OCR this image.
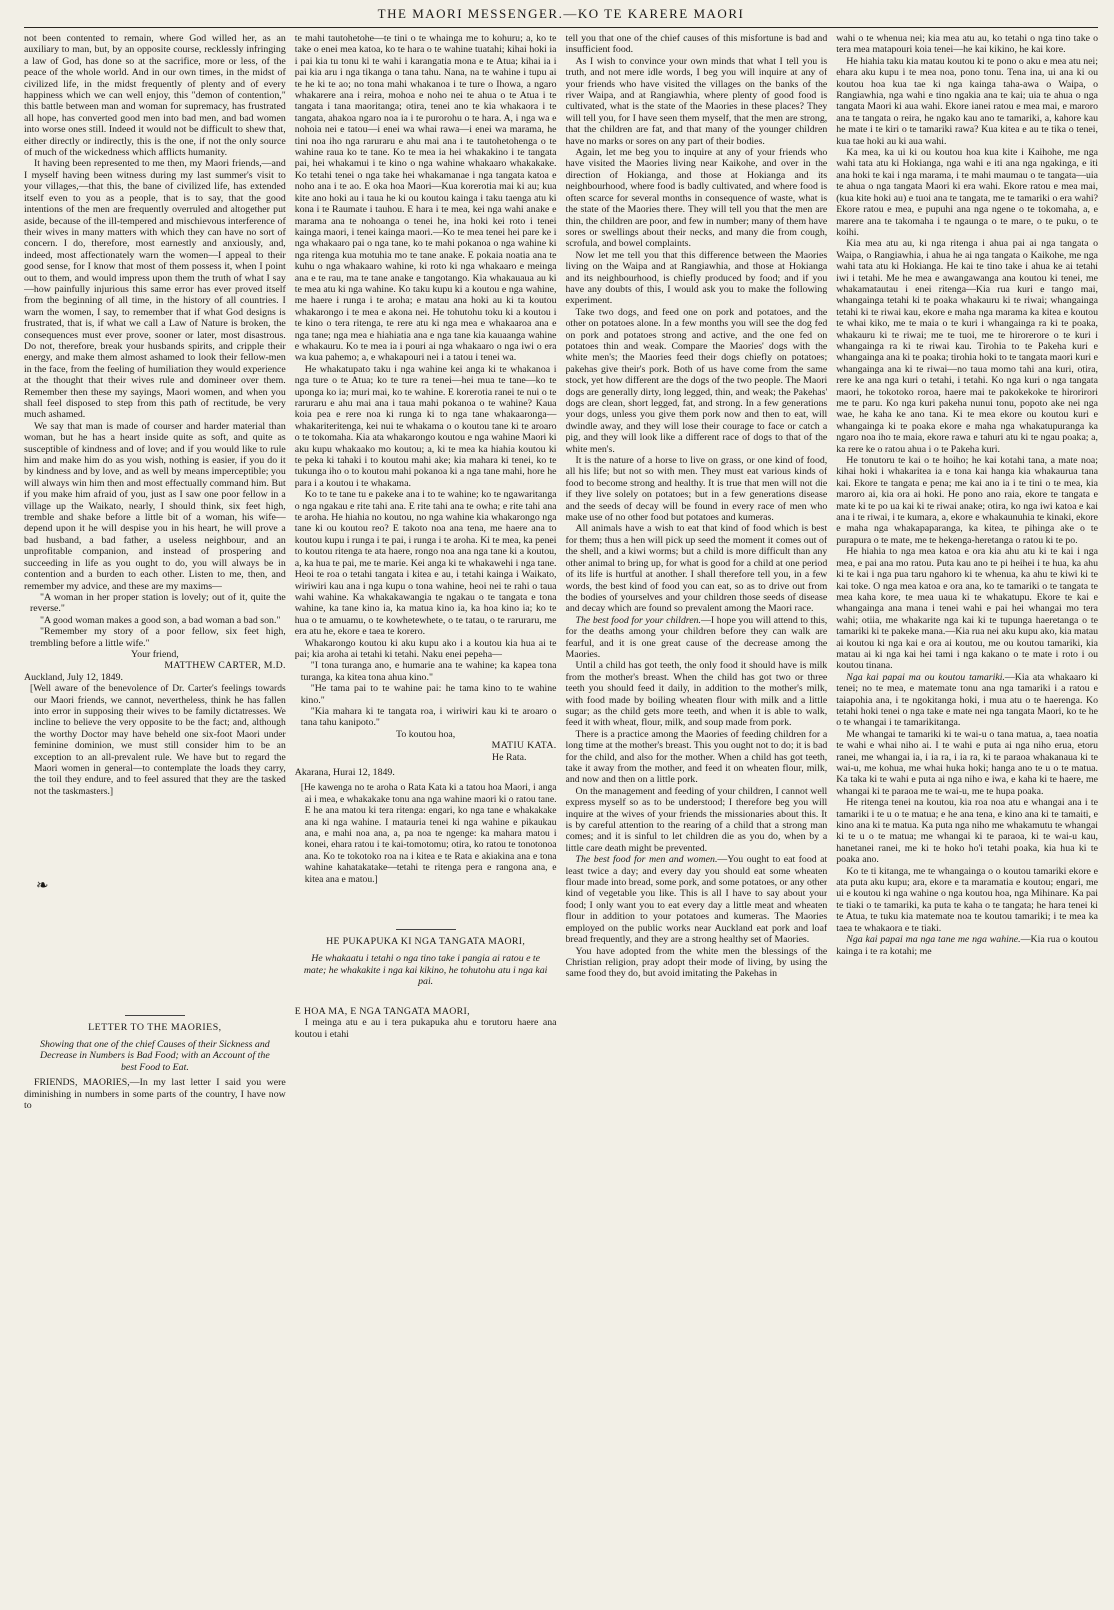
THE MAORI MESSENGER.—KO TE KARERE MAORI

not been contented to remain, where God willed her, as an auxiliary to man, but, by an opposite course, recklessly infringing a law of God, has done so at the sacrifice, more or less, of the peace of the whole world. And in our own times, in the midst of civilized life, in the midst frequently of plenty and of every happiness which we can well enjoy, this "demon of contention," this battle between man and woman for supremacy, has frustrated all hope, has converted good men into bad men, and bad women into worse ones still. Indeed it would not be difficult to shew that, either directly or indirectly, this is the one, if not the only source of much of the wickedness which afflicts humanity.

It having been represented to me then, my Maori friends,—and I myself having been witness during my last summer's visit to your villages,—that this, the bane of civilized life, has extended itself even to you as a people, that is to say, that the good intentions of the men are frequently overruled and altogether put aside, because of the ill-tempered and mischievous interference of their wives in many matters with which they can have no sort of concern. I do, therefore, most earnestly and anxiously, and, indeed, most affectionately warn the women—I appeal to their good sense, for I know that most of them possess it, when I point out to them, and would impress upon them the truth of what I say—how painfully injurious this same error has ever proved itself from the beginning of all time, in the history of all countries. I warn the women, I say, to remember that if what God designs is frustrated, that is, if what we call a Law of Nature is broken, the consequences must ever prove, sooner or later, most disastrous. Do not, therefore, break your husbands spirits, and cripple their energy, and make them almost ashamed to look their fellow-men in the face, from the feeling of humiliation they would experience at the thought that their wives rule and domineer over them. Remember then these my sayings, Maori women, and when you shall feel disposed to step from this path of rectitude, be very much ashamed.

We say that man is made of courser and harder material than woman, but he has a heart inside quite as soft, and quite as susceptible of kindness and of love; and if you would like to rule him and make him do as you wish, nothing is easier, if you do it by kindness and by love, and as well by means imperceptible; you will always win him then and most effectually command him. But if you make him afraid of you, just as I saw one poor fellow in a village up the Waikato, nearly, I should think, six feet high, tremble and shake before a little bit of a woman, his wife—depend upon it he will despise you in his heart, he will prove a bad husband, a bad father, a useless neighbour, and an unprofitable companion, and instead of prospering and succeeding in life as you ought to do, you will always be in contention and a burden to each other. Listen to me, then, and remember my advice, and these are my maxims—

"A woman in her proper station is lovely; out of it, quite the reverse."

"A good woman makes a good son, a bad woman a bad son."

"Remember my story of a poor fellow, six feet high, trembling before a little wife."

Your friend,

MATTHEW CARTER, M.D.

Auckland, July 12, 1849.

[Well aware of the benevolence of Dr. Carter's feelings towards our Maori friends, we cannot, nevertheless, think he has fallen into error in supposing their wives to be family dictatresses. We incline to believe the very opposite to be the fact; and, although the worthy Doctor may have beheld one six-foot Maori under feminine dominion, we must still consider him to be an exception to an all-prevalent rule. We have but to regard the Maori women in general—to contemplate the loads they carry, the toil they endure, and to feel assured that they are the tasked not the taskmasters.]

❧

LETTER TO THE MAORIES,

Showing that one of the chief Causes of their Sickness and Decrease in Numbers is Bad Food; with an Account of the best Food to Eat.

FRIENDS, MAORIES,—In my last letter I said you were diminishing in numbers in some parts of the country, I have now to

te mahi tautohetohe—te tini o te whainga me to kohuru; a, ko te take o enei mea katoa, ko te hara o te wahine tuatahi; kihai hoki ia i pai kia tu tonu ki te wahi i karangatia mona e te Atua; kihai ia i pai kia aru i nga tikanga o tana tahu. Nana, na te wahine i tupu ai te he ki te ao; no tona mahi whakanoa i te ture o Ihowa, a ngaro whakarere ana i reira, mohoa e noho nei te ahua o te Atua i te tangata i tana maoritanga; otira, tenei ano te kia whakaora i te tangata, ahakoa ngaro noa ia i te purorohu o te hara. A, i nga wa e nohoia nei e tatou—i enei wa whai rawa—i enei wa marama, he tini noa iho nga raruraru e ahu mai ana i te tautohetohenga o te wahine raua ko te tane. Ko te mea ia hei whakakino i te tangata pai, hei whakamui i te kino o nga wahine whakaaro whakakake. Ko tetahi tenei o nga take hei whakamanae i nga tangata katoa e noho ana i te ao. E oka hoa Maori—Kua korerotia mai ki au; kua kite ano hoki au i taua he ki ou koutou kainga i taku taenga atu ki kona i te Raumate i tauhou. E hara i te mea, kei nga wahi anake e marama ana te nohoanga o tenei he, ina hoki kei roto i tenei kainga maori, i tenei kainga maori.—Ko te mea tenei hei pare ke i nga whakaaro pai o nga tane, ko te mahi pokanoa o nga wahine ki nga ritenga kua motuhia mo te tane anake. E pokaia noatia ana te kuhu o nga whakaaro wahine, ki roto ki nga whakaaro e meinga ana e te rau, ma te tane anake e tangotango. Kia whakauaua au ki te mea atu ki nga wahine. Ko taku kupu ki a koutou e nga wahine, me haere i runga i te aroha; e matau ana hoki au ki ta koutou whakarongo i te mea e akona nei. He tohutohu toku ki a koutou i te kino o tera ritenga, te rere atu ki nga mea e whakaaroa ana e nga tane; nga mea e hiahiatia ana e nga tane kia kauaanga wahine e whakauru. Ko te mea ia i pouri ai nga whakaaro o nga iwi o era wa kua pahemo; a, e whakapouri nei i a tatou i tenei wa.

He whakatupato taku i nga wahine kei anga ki te whakanoa i nga ture o te Atua; ko te ture ra tenei—hei mua te tane—ko te uponga ko ia; muri mai, ko te wahine. E korerotia ranei te nui o te raruraru e ahu mai ana i taua mahi pokanoa o te wahine? Kaua koia pea e rere noa ki runga ki to nga tane whakaaronga—whakariteritenga, kei nui te whakama o o koutou tane ki te aroaro o te tokomaha. Kia ata whakarongo koutou e nga wahine Maori ki aku kupu whakaako mo koutou; a, ki te mea ka hiahia koutou ki te peka ki tahaki i to koutou mahi ake; kia mahara ki tenei, ko te tukunga iho o to koutou mahi pokanoa ki a nga tane mahi, hore he para i a koutou i te whakama.

Ko to te tane tu e pakeke ana i to te wahine; ko te ngawaritanga o nga ngakau e rite tahi ana. E rite tahi ana te owha; e rite tahi ana te aroha. He hiahia no koutou, no nga wahine kia whakarongo nga tane ki ou koutou reo? E takoto noa ana tena, me haere ana to koutou kupu i runga i te pai, i runga i te aroha. Ki te mea, ka penei to koutou ritenga te ata haere, rongo noa ana nga tane ki a koutou, a, ka hua te pai, me te marie. Kei anga ki te whakawehi i nga tane. Heoi te roa o tetahi tangata i kitea e au, i tetahi kainga i Waikato, wiriwiri kau ana i nga kupu o tona wahine, heoi nei te rahi o taua wahi wahine. Ka whakakawangia te ngakau o te tangata e tona wahine, ka tane kino ia, ka matua kino ia, ka hoa kino ia; ko te hua o te amuamu, o te kowhetewhete, o te tatau, o te raruraru, me era atu he, ekore e taea te korero.

Whakarongo koutou ki aku kupu ako i a koutou kia hua ai te pai; kia aroha ai tetahi ki tetahi. Naku enei pepeha—

"I tona turanga ano, e humarie ana te wahine; ka kapea tona turanga, ka kitea tona ahua kino."

"He tama pai to te wahine pai: he tama kino to te wahine kino."

"Kia mahara ki te tangata roa, i wiriwiri kau ki te aroaro o tana tahu kanipoto."

To koutou hoa,

MATIU KATA.

He Rata.

Akarana, Hurai 12, 1849.

[He kawenga no te aroha o Rata Kata ki a tatou hoa Maori, i anga ai i mea, e whakakake tonu ana nga wahine maori ki o ratou tane. E he ana matou ki tera ritenga: engari, ko nga tane e whakakake ana ki nga wahine. I matauria tenei ki nga wahine e pikaukau ana, e mahi noa ana, a, pa noa te ngenge: ka mahara matou i konei, ehara ratou i te kai-tomotomu; otira, ko ratou te tonotonoa ana. Ko te tokotoko roa na i kitea e te Rata e akiakina ana e tona wahine kahatakatake—tetahi te ritenga pera e rangona ana, e kitea ana e matou.]

HE PUKAPUKA KI NGA TANGATA MAORI,

He whakaatu i tetahi o nga tino take i pangia ai ratou e te mate; he whakakite i nga kai kikino, he tohutohu atu i nga kai pai.

E HOA MA, E NGA TANGATA MAORI,

I meinga atu e au i tera pukapuka ahu e torutoru haere ana koutou i etahi

tell you that one of the chief causes of this misfortune is bad and insufficient food.

As I wish to convince your own minds that what I tell you is truth, and not mere idle words, I beg you will inquire at any of your friends who have visited the villages on the banks of the river Waipa, and at Rangiawhia, where plenty of good food is cultivated, what is the state of the Maories in these places? They will tell you, for I have seen them myself, that the men are strong, that the children are fat, and that many of the younger children have no marks or sores on any part of their bodies.

Again, let me beg you to inquire at any of your friends who have visited the Maories living near Kaikohe, and over in the direction of Hokianga, and those at Hokianga and its neighbourhood, where food is badly cultivated, and where food is often scarce for several months in consequence of waste, what is the state of the Maories there. They will tell you that the men are thin, the children are poor, and few in number; many of them have sores or swellings about their necks, and many die from cough, scrofula, and bowel complaints.

Now let me tell you that this difference between the Maories living on the Waipa and at Rangiawhia, and those at Hokianga and its neighbourhood, is chiefly produced by food; and if you have any doubts of this, I would ask you to make the following experiment.

Take two dogs, and feed one on pork and potatoes, and the other on potatoes alone. In a few months you will see the dog fed on pork and potatoes strong and active, and the one fed on potatoes thin and weak. Compare the Maories' dogs with the white men's; the Maories feed their dogs chiefly on potatoes; pakehas give their's pork. Both of us have come from the same stock, yet how different are the dogs of the two people. The Maori dogs are generally dirty, long legged, thin, and weak; the Pakehas' dogs are clean, short legged, fat, and strong. In a few generations your dogs, unless you give them pork now and then to eat, will dwindle away, and they will lose their courage to face or catch a pig, and they will look like a different race of dogs to that of the white men's.

It is the nature of a horse to live on grass, or one kind of food, all his life; but not so with men. They must eat various kinds of food to become strong and healthy. It is true that men will not die if they live solely on potatoes; but in a few generations disease and the seeds of decay will be found in every race of men who make use of no other food but potatoes and kumeras.

All animals have a wish to eat that kind of food which is best for them; thus a hen will pick up seed the moment it comes out of the shell, and a kiwi worms; but a child is more difficult than any other animal to bring up, for what is good for a child at one period of its life is hurtful at another. I shall therefore tell you, in a few words, the best kind of food you can eat, so as to drive out from the bodies of yourselves and your children those seeds of disease and decay which are found so prevalent among the Maori race.

The best food for your children.—I hope you will attend to this, for the deaths among your children before they can walk are fearful, and it is one great cause of the decrease among the Maories.

Until a child has got teeth, the only food it should have is milk from the mother's breast. When the child has got two or three teeth you should feed it daily, in addition to the mother's milk, with food made by boiling wheaten flour with milk and a little sugar; as the child gets more teeth, and when it is able to walk, feed it with wheat, flour, milk, and soup made from pork.

There is a practice among the Maories of feeding children for a long time at the mother's breast. This you ought not to do; it is bad for the child, and also for the mother. When a child has got teeth, take it away from the mother, and feed it on wheaten flour, milk, and now and then on a little pork.

On the management and feeding of your children, I cannot well express myself so as to be understood; I therefore beg you will inquire at the wives of your friends the missionaries about this. It is by careful attention to the rearing of a child that a strong man comes; and it is sinful to let children die as you do, when by a little care death might be prevented.

The best food for men and women.—You ought to eat food at least twice a day; and every day you should eat some wheaten flour made into bread, some pork, and some potatoes, or any other kind of vegetable you like. This is all I have to say about your food; I only want you to eat every day a little meat and wheaten flour in addition to your potatoes and kumeras. The Maories employed on the public works near Auckland eat pork and loaf bread frequently, and they are a strong healthy set of Maories.

You have adopted from the white men the blessings of the Christian religion, pray adopt their mode of living, by using the same food they do, but avoid imitating the Pakehas in

wahi o te whenua nei; kia mea atu au, ko tetahi o nga tino take o tera mea matapouri koia tenei—he kai kikino, he kai kore.

He hiahia taku kia matau koutou ki te pono o aku e mea atu nei; ehara aku kupu i te mea noa, pono tonu. Tena ina, ui ana ki ou koutou hoa kua tae ki nga kainga taha-awa o Waipa, o Rangiawhia, nga wahi e tino ngakia ana te kai; uia te ahua o nga tangata Maori ki aua wahi. Ekore ianei ratou e mea mai, e maroro ana te tangata o reira, he ngako kau ano te tamariki, a, kahore kau he mate i te kiri o te tamariki rawa? Kua kitea e au te tika o tenei, kua tae hoki au ki aua wahi.

Ka mea, ka ui ki ou koutou hoa kua kite i Kaihohe, me nga wahi tata atu ki Hokianga, nga wahi e iti ana nga ngakinga, e iti ana hoki te kai i nga marama, i te mahi maumau o te tangata—uia te ahua o nga tangata Maori ki era wahi. Ekore ratou e mea mai,(kua kite hoki au) e tuoi ana te tangata, me te tamariki o era wahi? Ekore ratou e mea, e pupuhi ana nga ngene o te tokomaha, a, e marere ana te takomaha i te ngaunga o te mare, o te puku, o te koihi.

Kia mea atu au, ki nga ritenga i ahua pai ai nga tangata o Waipa, o Rangiawhia, i ahua he ai nga tangata o Kaikohe, me nga wahi tata atu ki Hokianga. He kai te tino take i ahua ke ai tetahi iwi i tetahi. Me he mea e awangawanga ana koutou ki tenei, me whakamatautau i enei ritenga—Kia rua kuri e tango mai, whangainga tetahi ki te poaka whakauru ki te riwai; whangainga tetahi ki te riwai kau, ekore e maha nga marama ka kitea e koutou te whai kiko, me te maia o te kuri i whangainga ra ki te poaka, whakauru ki te riwai; me te tuoi, me te hirorerore o te kuri i whangainga ra ki te riwai kau. Tirohia to te Pakeha kuri e whangainga ana ki te poaka; tirohia hoki to te tangata maori kuri e whangainga ana ki te riwai—no taua momo tahi ana kuri, otira, rere ke ana nga kuri o tetahi, i tetahi. Ko nga kuri o nga tangata maori, he tokotoko roroa, haere mai te pakokekoke te hirorirori me te paru. Ko nga kuri pakeha nunui tonu, popoto ake nei nga wae, he kaha ke ano tana. Ki te mea ekore ou koutou kuri e whangainga ki te poaka ekore e maha nga whakatupuranga ka ngaro noa iho te maia, ekore rawa e tahuri atu ki te ngau poaka; a, ka rere ke o ratou ahua i o te Pakeha kuri.

He tonutoru te kai o te hoiho; he kai kotahi tana, a mate noa; kihai hoki i whakaritea ia e tona kai hanga kia whakaurua tana kai. Ekore te tangata e pena; me kai ano ia i te tini o te mea, kia maroro ai, kia ora ai hoki. He pono ano raia, ekore te tangata e mate ki te po ua kai ki te riwai anake; otira, ko nga iwi katoa e kai ana i te riwai, i te kumara, a, ekore e whakaunuhia te kinaki, ekore e maha nga whakapaparanga, ka kitea, te pihinga ake o te purapura o te mate, me te hekenga-heretanga o ratou ki te po.

He hiahia to nga mea katoa e ora kia ahu atu ki te kai i nga mea, e pai ana mo ratou. Puta kau ano te pi heihei i te hua, ka ahu ki te kai i nga pua taru ngahoro ki te whenua, ka ahu te kiwi ki te kai toke. O nga mea katoa e ora ana, ko te tamariki o te tangata te mea kaha kore, te mea uaua ki te whakatupu. Ekore te kai e whangainga ana mana i tenei wahi e pai hei whangai mo tera wahi; otiia, me whakarite nga kai ki te tupunga haeretanga o te tamariki ki te pakeke mana.—Kia rua nei aku kupu ako, kia matau ai koutou ki nga kai e ora ai koutou, me ou koutou tamariki, kia matau ai ki nga kai hei tami i nga kakano o te mate i roto i ou koutou tinana.

Nga kai papai ma ou koutou tamariki.—Kia ata whakaaro ki tenei; no te mea, e matemate tonu ana nga tamariki i a ratou e taiapohia ana, i te ngokitanga hoki, i mua atu o te haerenga. Ko tetahi hoki tenei o nga take e mate nei nga tangata Maori, ko te he o te whangai i te tamarikitanga.

Me whangai te tamariki ki te wai-u o tana matua, a, taea noatia te wahi e whai niho ai. I te wahi e puta ai nga niho erua, etoru ranei, me whangai ia, i ia ra, i ia ra, ki te paraoa whakanaua ki te wai-u, me kohua, me whai huka hoki; hanga ano te u o te matua. Ka taka ki te wahi e puta ai nga niho e iwa, e kaha ki te haere, me whangai ki te paraoa me te wai-u, me te hupa poaka.

He ritenga tenei na koutou, kia roa noa atu e whangai ana i te tamariki i te u o te matua; e he ana tena, e kino ana ki te tamaiti, e kino ana ki te matua. Ka puta nga niho me whakamutu te whangai ki te u o te matua; me whangai ki te paraoa, ki te wai-u kau, hanetanei ranei, me ki te hoko ho'i tetahi poaka, kia hua ki te poaka ano.

Ko te ti kitanga, me te whangainga o o koutou tamariki ekore e ata puta aku kupu; ara, ekore e ta maramatia e koutou; engari, me ui e koutou ki nga wahine o nga koutou hoa, nga Mihinare. Ka pai te tiaki o te tamariki, ka puta te kaha o te tangata; he hara tenei ki te Atua, te tuku kia matemate noa te koutou tamariki; i te mea ka taea te whakaora e te tiaki.

Nga kai papai ma nga tane me nga wahine.—Kia rua o koutou kainga i te ra kotahi; me
